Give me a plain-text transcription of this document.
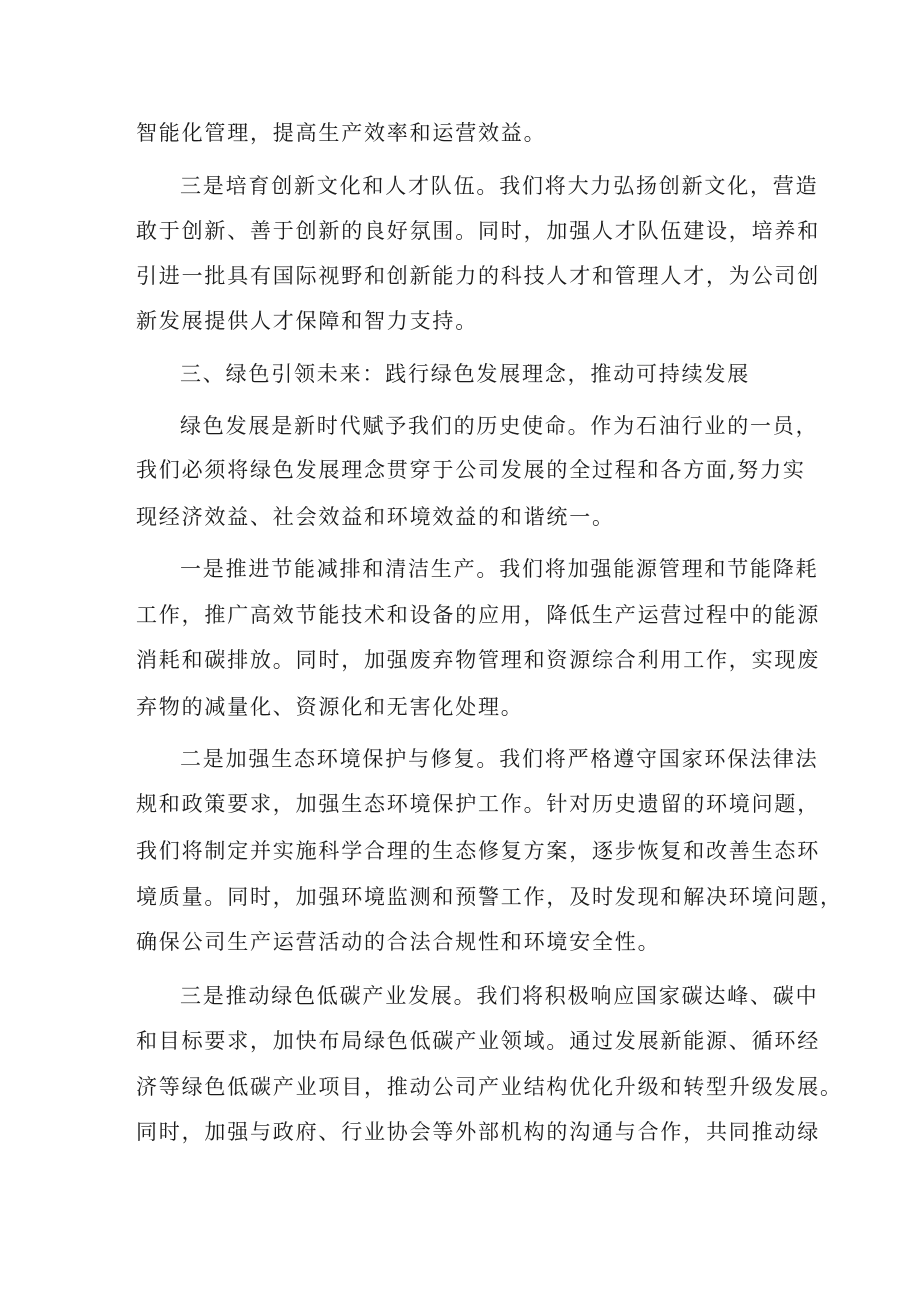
智能化管理，提高生产效率和运营效益。
三是培育创新文化和人才队伍。我们将大力弘扬创新文化，营造
敢于创新、善于创新的良好氛围。同时，加强人才队伍建设，培养和
引进一批具有国际视野和创新能力的科技人才和管理人才，为公司创
新发展提供人才保障和智力支持。
三、绿色引领未来：践行绿色发展理念，推动可持续发展
绿色发展是新时代赋予我们的历史使命。作为石油行业的一员，
我们必须将绿色发展理念贯穿于公司发展的全过程和各方面,努力实
现经济效益、社会效益和环境效益的和谐统一。
一是推进节能减排和清洁生产。我们将加强能源管理和节能降耗
工作，推广高效节能技术和设备的应用，降低生产运营过程中的能源
消耗和碳排放。同时，加强废弃物管理和资源综合利用工作，实现废
弃物的减量化、资源化和无害化处理。
二是加强生态环境保护与修复。我们将严格遵守国家环保法律法
规和政策要求，加强生态环境保护工作。针对历史遗留的环境问题，
我们将制定并实施科学合理的生态修复方案，逐步恢复和改善生态环
境质量。同时，加强环境监测和预警工作，及时发现和解决环境问题，
确保公司生产运营活动的合法合规性和环境安全性。
三是推动绿色低碳产业发展。我们将积极响应国家碳达峰、碳中
和目标要求，加快布局绿色低碳产业领域。通过发展新能源、循环经
济等绿色低碳产业项目，推动公司产业结构优化升级和转型升级发展。
同时，加强与政府、行业协会等外部机构的沟通与合作，共同推动绿
